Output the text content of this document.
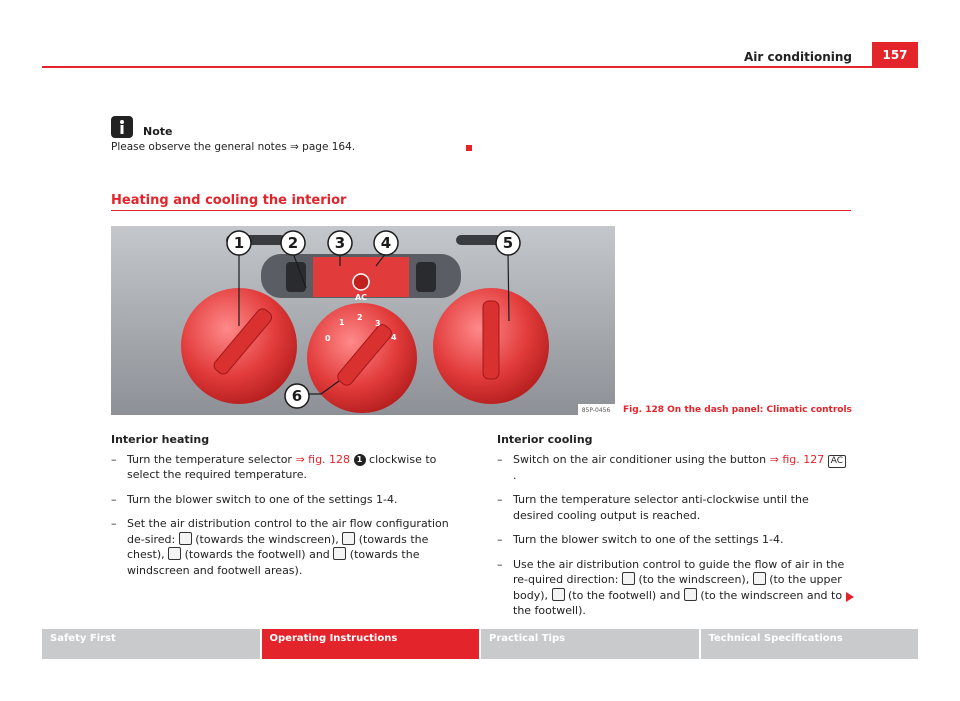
Air conditioning	157
Note
Please observe the general notes ⇒ page 164.
Heating and cooling the interior
AC
0
1
2
3
4
1	2 3 4	5
6
85P-0456 Fig. 128 On the dash panel: Climatic controls
Interior heating
– Turn the temperature selector ⇒ fig. 128 1 clockwise to select the required temperature.
– Turn the blower switch to one of the settings 1-4.
– Set the air distribution control to the air flow configuration de-sired:  (towards the windscreen),  (towards the chest),  (towards the footwell) and  (towards the windscreen and footwell areas).
Interior cooling
– Switch on the air conditioner using the button ⇒ fig. 127 AC.
– Turn the temperature selector anti-clockwise until the desired cooling output is reached.
– Turn the blower switch to one of the settings 1-4.
– Use the air distribution control to guide the flow of air in the re-quired direction:  (to the windscreen),  (to the upper body),  (to the footwell) and  (to the windscreen and to the footwell).
Safety First	Operating Instructions	Practical Tips	Technical Specifications
